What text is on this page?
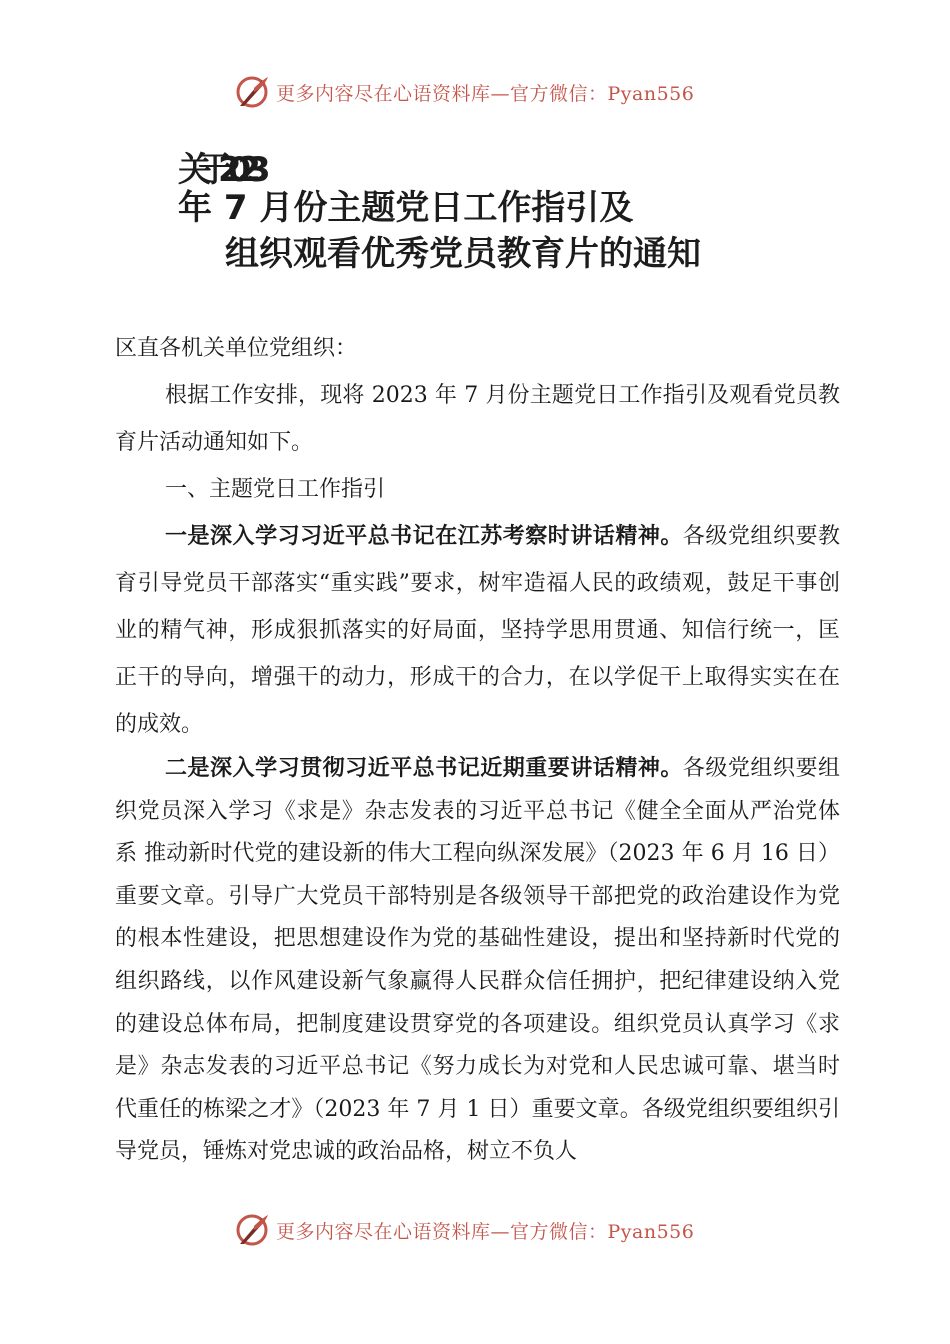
更多内容尽在心语资料库—官方微信：Pyan556
关于2023
年 7 月份主题党日工作指引及
组织观看优秀党员教育片的通知

区直各机关单位党组织：

根据工作安排，现将 2023 年 7 月份主题党日工作指引及观看党员教育片活动通知如下。

一、主题党日工作指引

一是深入学习习近平总书记在江苏考察时讲话精神。各级党组织要教育引导党员干部落实“重实践”要求，树牢造福人民的政绩观，鼓足干事创业的精气神，形成狠抓落实的好局面，坚持学思用贯通、知信行统一，匡正干的导向，增强干的动力，形成干的合力，在以学促干上取得实实在在的成效。

二是深入学习贯彻习近平总书记近期重要讲话精神。各级党组织要组织党员深入学习《求是》杂志发表的习近平总书记《健全全面从严治党体系 推动新时代党的建设新的伟大工程向纵深发展》（2023 年 6 月 16 日）重要文章。引导广大党员干部特别是各级领导干部把党的政治建设作为党的根本性建设，把思想建设作为党的基础性建设，提出和坚持新时代党的组织路线，以作风建设新气象赢得人民群众信任拥护，把纪律建设纳入党的建设总体布局，把制度建设贯穿党的各项建设。组织党员认真学习《求是》杂志发表的习近平总书记《努力成长为对党和人民忠诚可靠、堪当时代重任的栋梁之才》（2023 年 7 月 1 日）重要文章。各级党组织要组织引导党员，锤炼对党忠诚的政治品格，树立不负人

更多内容尽在心语资料库—官方微信：Pyan556
